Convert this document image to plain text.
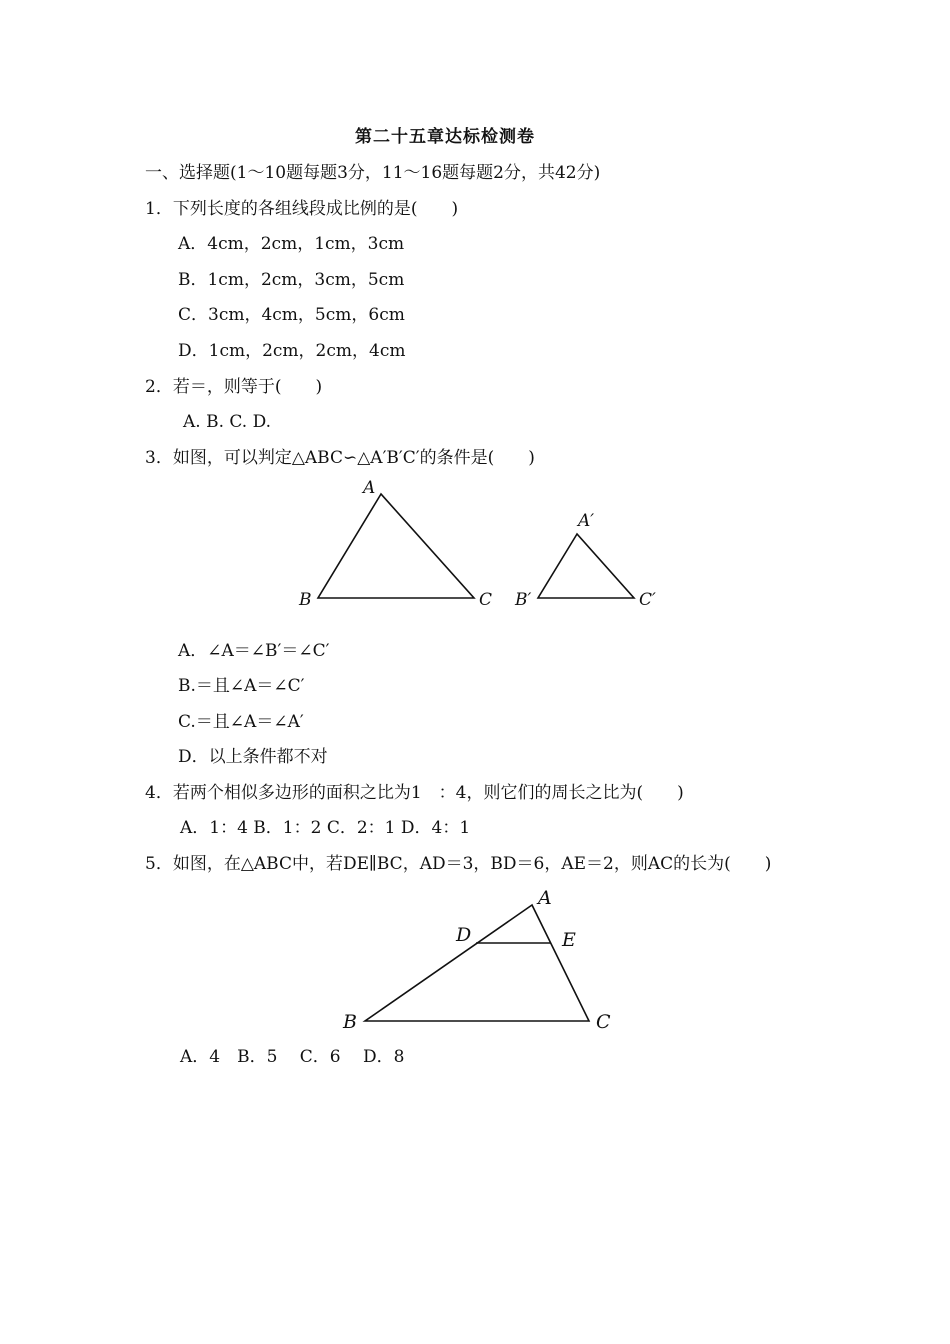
第二十五章达标检测卷
一、选择题(1～10题每题3分，11～16题每题2分，共42分)
1．下列长度的各组线段成比例的是(　　)
A．4cm，2cm，1cm，3cm
B．1cm，2cm，3cm，5cm
C．3cm，4cm，5cm，6cm
D．1cm，2cm，2cm，4cm
2．若＝，则等于(　　)
A. B. C. D.
3．如图，可以判定△ABC∽△A′B′C′的条件是(　　)
A
B	C
A′
B′	C′
A
D	E
B	C
A．∠A＝∠B′＝∠C′
B.＝且∠A＝∠C′
C.＝且∠A＝∠A′
D．以上条件都不对
4．若两个相似多边形的面积之比为1　：4，则它们的周长之比为(　　)
A．1：4 B．1：2 C．2：1 D．4：1
5．如图，在△ABC中，若DE∥BC，AD＝3，BD＝6，AE＝2，则AC的长为(　　)
A．4　B．5　 C．6　 D．8
